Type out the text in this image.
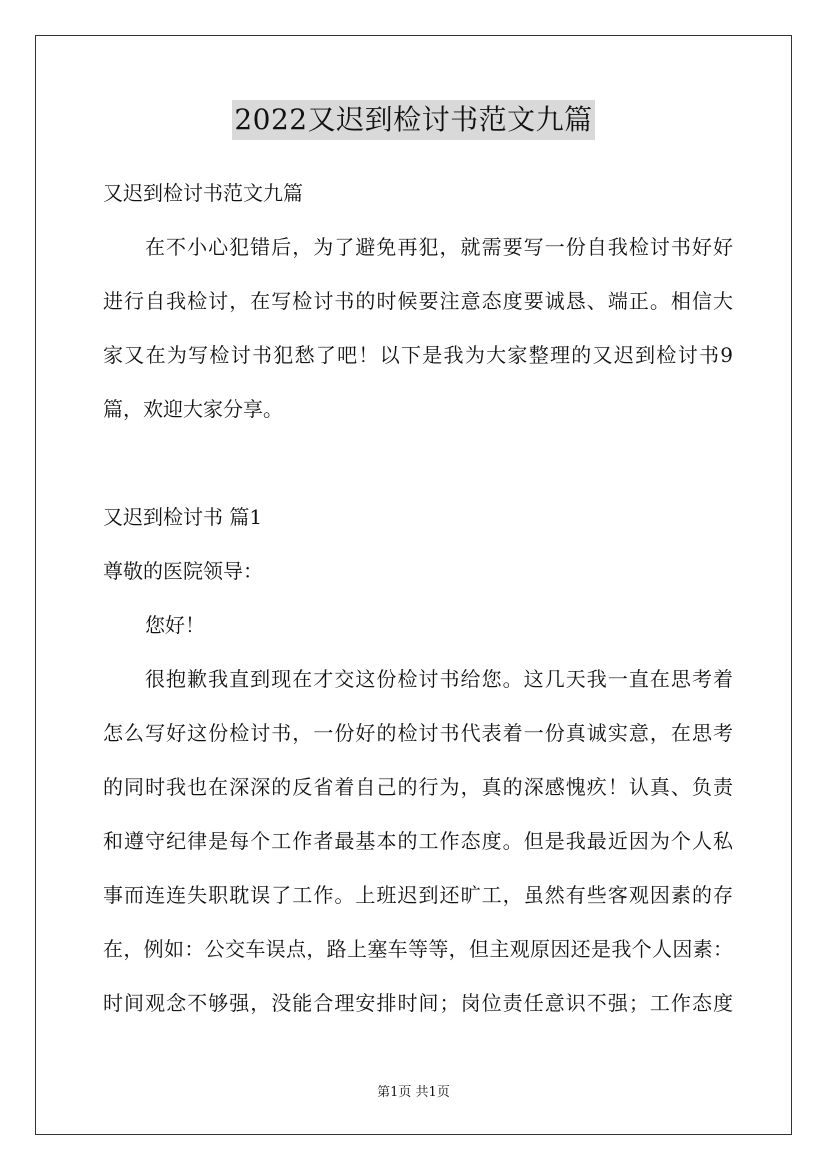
2022又迟到检讨书范文九篇

又迟到检讨书范文九篇

在不小心犯错后，为了避免再犯，就需要写一份自我检讨书好好

进行自我检讨，在写检讨书的时候要注意态度要诚恳、端正。相信大

家又在为写检讨书犯愁了吧！以下是我为大家整理的又迟到检讨书9

篇，欢迎大家分享。

又迟到检讨书 篇1

尊敬的医院领导：

您好！

很抱歉我直到现在才交这份检讨书给您。这几天我一直在思考着

怎么写好这份检讨书，一份好的检讨书代表着一份真诚实意，在思考

的同时我也在深深的反省着自己的行为，真的深感愧疚！认真、负责

和遵守纪律是每个工作者最基本的工作态度。但是我最近因为个人私

事而连连失职耽误了工作。上班迟到还旷工，虽然有些客观因素的存

在，例如：公交车误点，路上塞车等等，但主观原因还是我个人因素：

时间观念不够强，没能合理安排时间；岗位责任意识不强；工作态度

第1页 共1页
